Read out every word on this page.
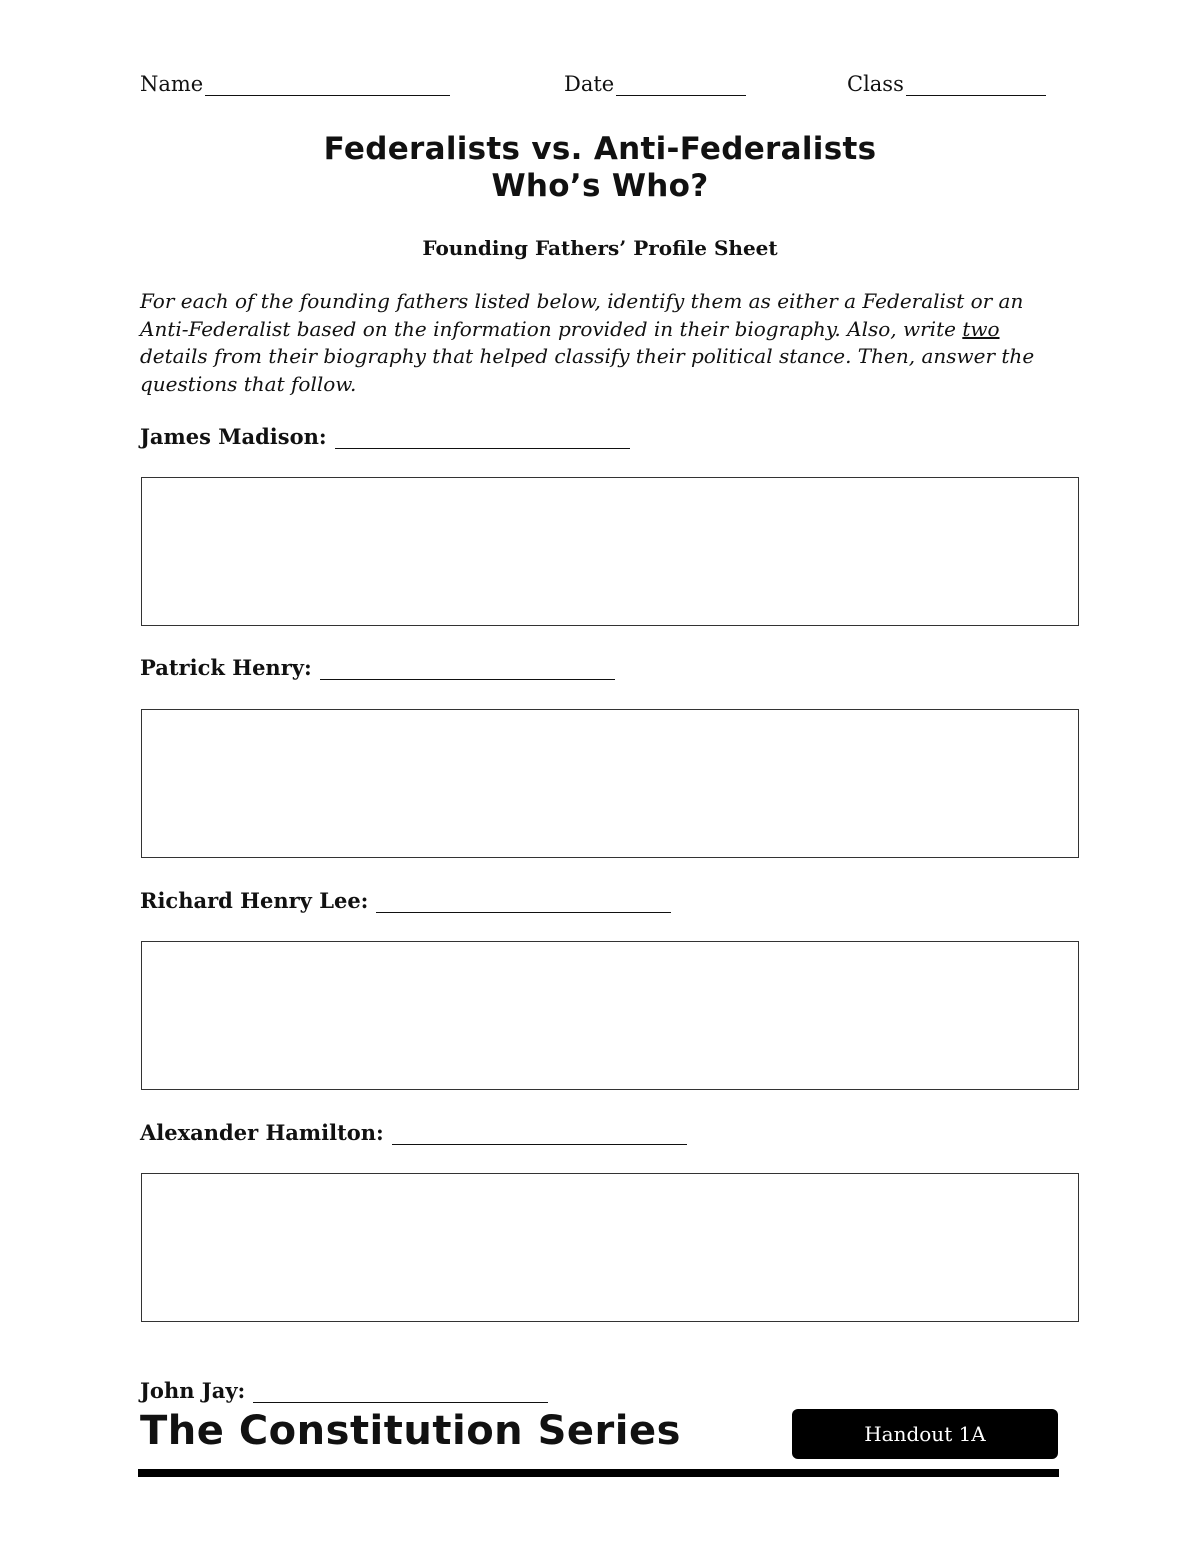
Name	Date	Class
Federalists vs. Anti-Federalists
Who’s Who?
Founding Fathers’ Profile Sheet
For each of the founding fathers listed below, identify them as either a Federalist or an Anti-Federalist based on the information provided in their biography. Also, write two details from their biography that helped classify their political stance. Then, answer the questions that follow.
James Madison:
Patrick Henry:
Richard Henry Lee:
Alexander Hamilton:
John Jay:
The Constitution Series	Handout 1A
